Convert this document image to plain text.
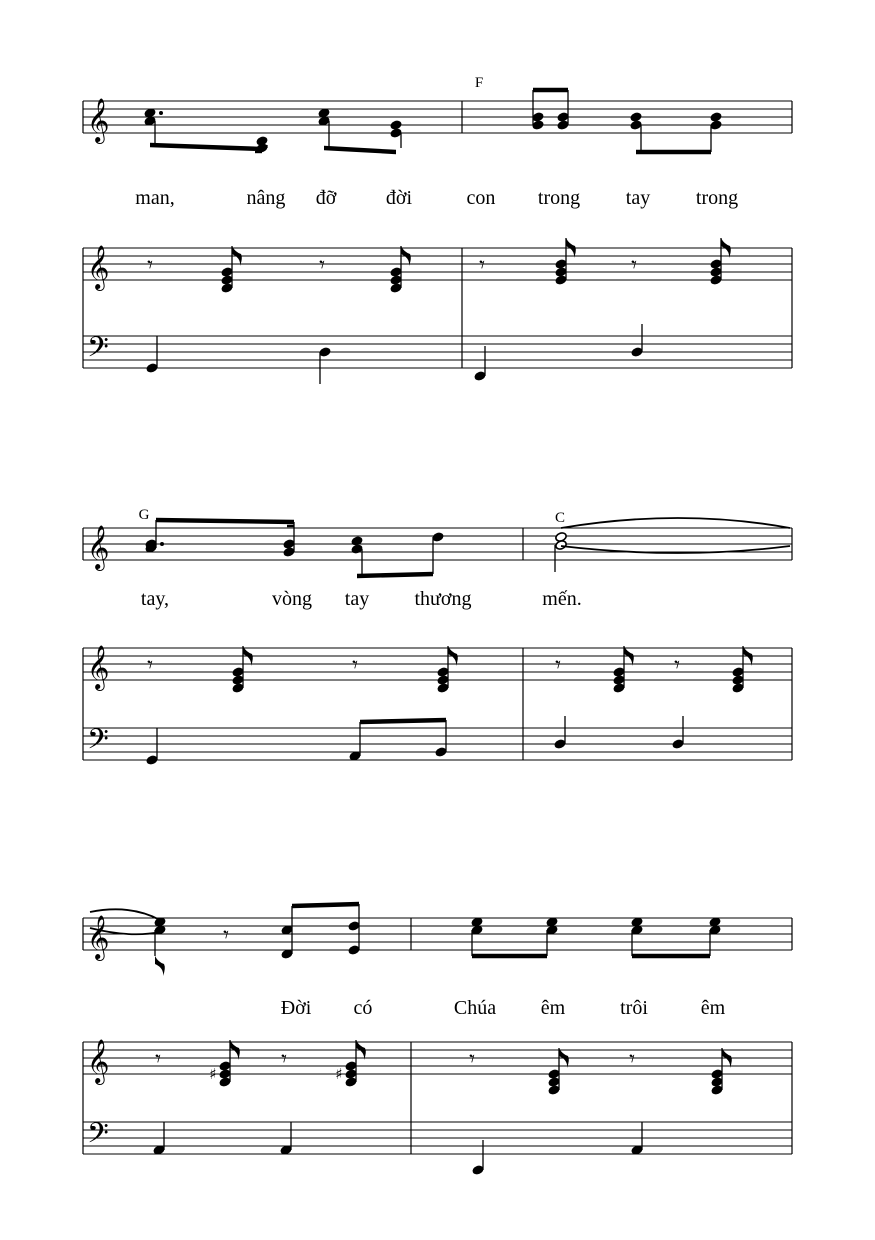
𝄞
𝄞
𝄢
F
man,	nâng đỡ đời	con trong tay trong
𝄾	𝄾	𝄾	𝄾
𝄞
𝄞
𝄢
G	C
tay,	vòng tay thương	mến.
𝄾	𝄾	𝄾	𝄾
𝄞
𝄞
𝄢
𝄾
Đời có	Chúa êm	trôi	êm
𝄾	𝄾
♯	♯
𝄾	𝄾
